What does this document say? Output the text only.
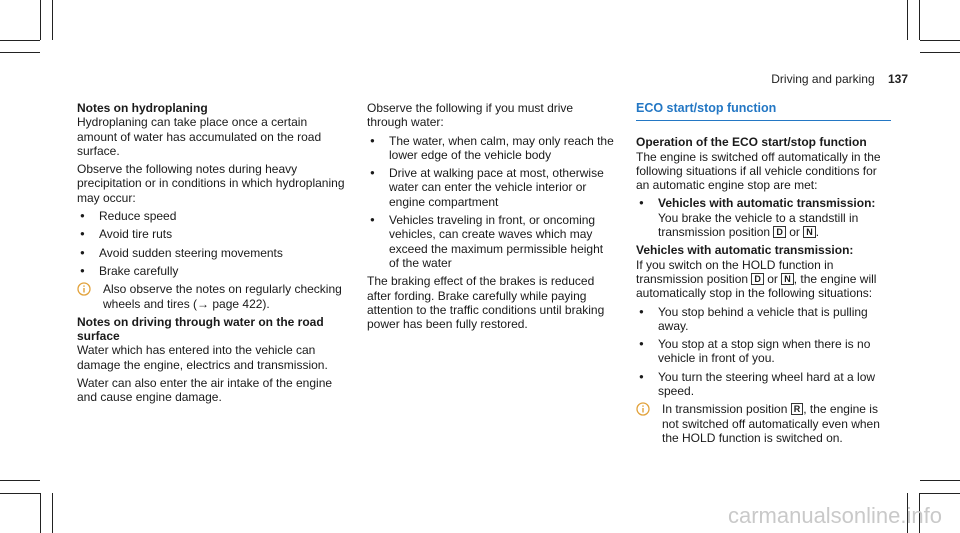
Driving and parking 137
Notes on hydroplaning

Hydroplaning can take place once a certain amount of water has accumulated on the road surface.

Observe the following notes during heavy precipitation or in conditions in which hydroplaning may occur:

● Reduce speed
● Avoid tire ruts
● Avoid sudden steering movements
● Brake carefully
Also observe the notes on regularly checking wheels and tires (→ page 422).
Notes on driving through water on the road surface

Water which has entered into the vehicle can damage the engine, electrics and transmission.

Water can also enter the air intake of the engine and cause engine damage.

Observe the following if you must drive through water:

● The water, when calm, may only reach the lower edge of the vehicle body
● Drive at walking pace at most, otherwise water can enter the vehicle interior or engine compartment
● Vehicles traveling in front, or oncoming vehicles, can create waves which may exceed the maximum permissible height of the water

The braking effect of the brakes is reduced after fording. Brake carefully while paying attention to the traffic conditions until braking power has been fully restored.

ECO start/stop function
Operation of the ECO start/stop function

The engine is switched off automatically in the following situations if all vehicle conditions for an automatic engine stop are met:

● Vehicles with automatic transmission:
You brake the vehicle to a standstill in transmission position D or N .
Vehicles with automatic transmission:

If you switch on the HOLD function in transmission position D or N , the engine will automatically stop in the following situations:

● You stop behind a vehicle that is pulling away.
● You stop at a stop sign when there is no vehicle in front of you.
● You turn the steering wheel hard at a low speed.
In transmission position R , the engine is not switched off automatically even when the HOLD function is switched on.
carmanualsonline.info
